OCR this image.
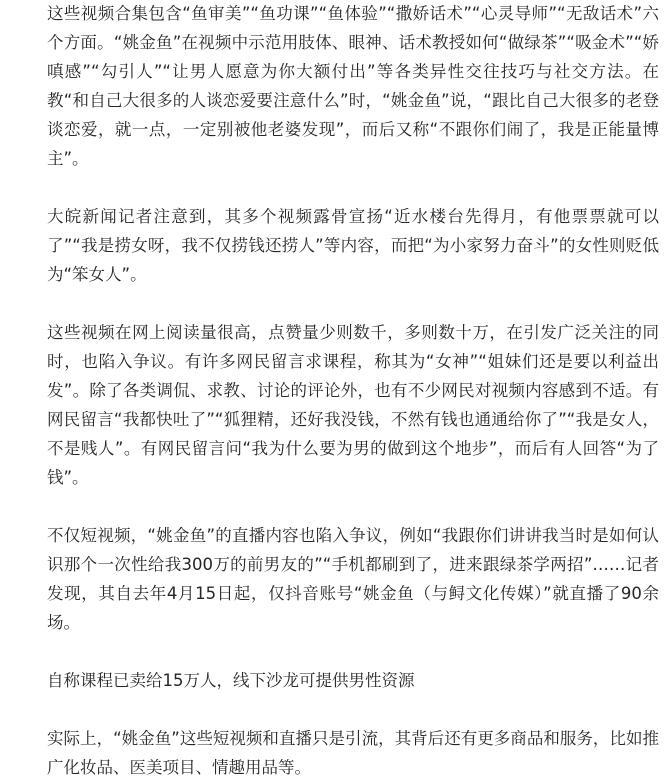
这些视频合集包含“鱼审美”“鱼功课”“鱼体验”“撒娇话术”“心灵导师”“无敌话术”六个方面。“姚金鱼”在视频中示范用肢体、眼神、话术教授如何“做绿茶”“吸金术”“娇嗔感”“勾引人”“让男人愿意为你大额付出”等各类异性交往技巧与社交方法。在教“和自己大很多的人谈恋爱要注意什么”时，“姚金鱼”说，“跟比自己大很多的老登谈恋爱，就一点，一定别被他老婆发现”，而后又称“不跟你们闹了，我是正能量博主”。

大皖新闻记者注意到，其多个视频露骨宣扬“近水楼台先得月，有他票票就可以了”“我是捞女呀，我不仅捞钱还捞人”等内容，而把“为小家努力奋斗”的女性则贬低为“笨女人”。

这些视频在网上阅读量很高，点赞量少则数千，多则数十万，在引发广泛关注的同时，也陷入争议。有许多网民留言求课程，称其为“女神”“姐妹们还是要以利益出发”。除了各类调侃、求教、讨论的评论外，也有不少网民对视频内容感到不适。有网民留言“我都快吐了”“狐狸精，还好我没钱，不然有钱也通通给你了”“我是女人，不是贱人”。有网民留言问“我为什么要为男的做到这个地步”，而后有人回答“为了钱”。

不仅短视频，“姚金鱼”的直播内容也陷入争议，例如“我跟你们讲讲我当时是如何认识那个一次性给我300万的前男友的”“手机都刷到了，进来跟绿茶学两招”……记者发现，其自去年4月15日起，仅抖音账号“姚金鱼（与鲟文化传媒）”就直播了90余场。

自称课程已卖给15万人，线下沙龙可提供男性资源

实际上，“姚金鱼”这些短视频和直播只是引流，其背后还有更多商品和服务，比如推广化妆品、医美项目、情趣用品等。
